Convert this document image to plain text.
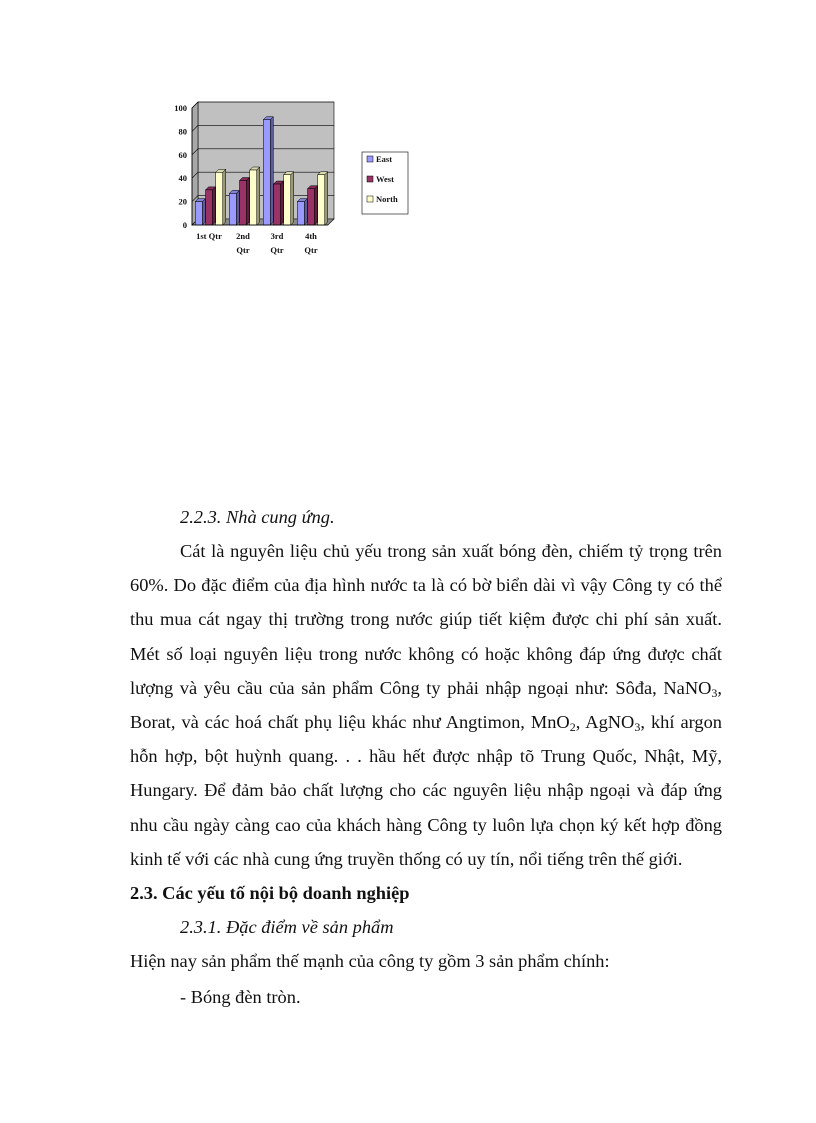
0
20
40
60
80
100
1st Qtr 2nd
Qtr
3rd
Qtr
4th
Qtr
East
West
North
2.2.3. Nhà cung ứng.
Cát là nguyên liệu chủ yếu trong sản xuất bóng đèn, chiếm tỷ trọng trên 60%. Do đặc điểm của địa hình nước ta là có bờ biển dài vì vậy Công ty có thể thu mua cát ngay thị trường trong nước giúp tiết kiệm được chi phí sản xuất. Mét số loại nguyên liệu trong nước không có hoặc không đáp ứng được chất lượng và yêu cầu của sản phẩm Công ty phải nhập ngoại như: Sôđa, NaNO$_3$, Borat, và các hoá chất phụ liệu khác như Angtimon, MnO$_2$, AgNO$_3$, khí argon hỗn hợp, bột huỳnh quang. . . hầu hết được nhập tõ Trung Quốc, Nhật, Mỹ, Hungary. Để đảm bảo chất lượng cho các nguyên liệu nhập ngoại và đáp ứng nhu cầu ngày càng cao của khách hàng Công ty luôn lựa chọn ký kết hợp đồng kinh tế với các nhà cung ứng truyền thống có uy tín, nổi tiếng trên thế giới.
2.3. Các yếu tố nội bộ doanh nghiệp
2.3.1. Đặc điểm về sản phẩm
Hiện nay sản phẩm thế mạnh của công ty gồm 3 sản phẩm chính:
- Bóng đèn tròn.
